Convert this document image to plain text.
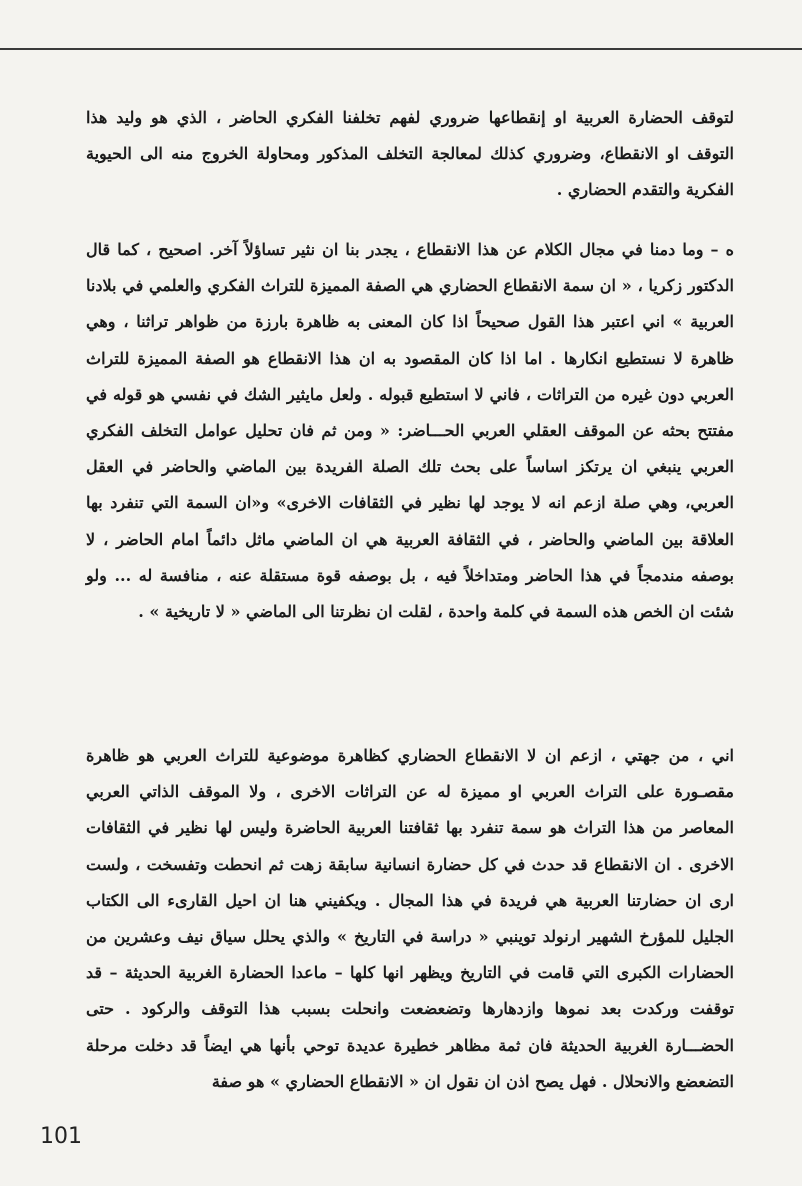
لتوقف الحضارة العربية او إنقطاعها ضروري لفهم تخلفنا الفكري الحاضر ، الذي هو وليد هذا التوقف او الانقطاع، وضروري كذلك لمعالجة التخلف المذكور ومحاولة الخروج منه الى الحيوية الفكرية والتقدم الحضاري .

ه – وما دمنا في مجال الكلام عن هذا الانقطاع ، يجدر بنا ان نثير تساؤلاً آخر. اصحيح ، كما قال الدكتور زكريا ، « ان سمة الانقطاع الحضاري هي الصفة المميزة للتراث الفكري والعلمي في بلادنا العربية » اني اعتبر هذا القول صحيحاً اذا كان المعنى به ظاهرة بارزة من ظواهر تراثنا ، وهي ظاهرة لا نستطيع انكارها . اما اذا كان المقصود به ان هذا الانقطاع هو الصفة المميزة للتراث العربي دون غيره من التراثات ، فاني لا استطيع قبوله . ولعل مايثير الشك في نفسي هو قوله في مفتتح بحثه عن الموقف العقلي العربي الحـــاضر: « ومن ثم فان تحليل عوامل التخلف الفكري العربي ينبغي ان يرتكز اساساً على بحث تلك الصلة الفريدة بين الماضي والحاضر في العقل العربي، وهي صلة ازعم انه لا يوجد لها نظير في الثقافات الاخرى» و«ان السمة التي تنفرد بها العلاقة بين الماضي والحاضر ، في الثقافة العربية هي ان الماضي ماثل دائماً امام الحاضر ، لا بوصفه مندمجاً في هذا الحاضر ومتداخلاً فيه ، بل بوصفه قوة مستقلة عنه ، منافسة له ... ولو شئت ان الخص هذه السمة في كلمة واحدة ، لقلت ان نظرتنا الى الماضي « لا تاريخية » .

اني ، من جهتي ، ازعم ان لا الانقطاع الحضاري كظاهرة موضوعية للتراث العربي هو ظاهرة مقصـورة على التراث العربي او مميزة له عن التراثات الاخرى ، ولا الموقف الذاتي العربي المعاصر من هذا التراث هو سمة تنفرد بها ثقافتنا العربية الحاضرة وليس لها نظير في الثقافات الاخرى . ان الانقطاع قد حدث في كل حضارة انسانية سابقة زهت ثم انحطت وتفسخت ، ولست ارى ان حضارتنا العربية هي فريدة في هذا المجال . ويكفيني هنا ان احيل القارىء الى الكتاب الجليل للمؤرخ الشهير ارنولد توينبي « دراسة في التاريخ » والذي يحلل سياق نيف وعشرين من الحضارات الكبرى التي قامت في التاريخ ويظهر انها كلها – ماعدا الحضارة الغربية الحديثة – قد توقفت وركدت بعد نموها وازدهارها وتضعضعت وانحلت بسبب هذا التوقف والركود . حتى الحضـــارة الغربية الحديثة فان ثمة مظاهر خطيرة عديدة توحي بأنها هي ايضاً قد دخلت مرحلة التضعضع والانحلال . فهل يصح اذن ان نقول ان « الانقطاع الحضاري » هو صفة

101
